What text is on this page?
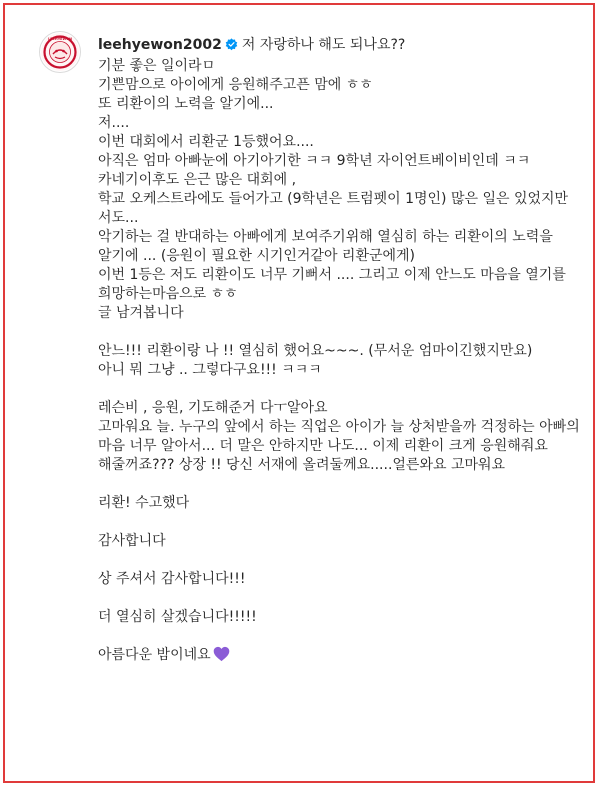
LEEHYEWON leehyewon2002 저 자랑하나 해도 되나요??
기분 좋은 일이라ㅁ
기쁜맘으로 아이에게 응원해주고픈 맘에 ㅎㅎ
또 리환이의 노력을 알기에...
저....
이번 대회에서 리환군 1등했어요....
아직은 엄마 아빠눈에 아기아기한 ㅋㅋ 9학년 자이언트베이비인데 ㅋㅋ
카네기이후도 은근 많은 대회에 ,
학교 오케스트라에도 들어가고 (9학년은 트럼펫이 1명인) 많은 일은 있었지만 서도...
악기하는 걸 반대하는 아빠에게 보여주기위해 열심히 하는 리환이의 노력을 알기에 ... (응원이 필요한 시기인거같아 리환군에게)
이번 1등은 저도 리환이도 너무 기뻐서 .... 그리고 이제 안느도 마음을 열기를 희망하는마음으로 ㅎㅎ
글 남겨봅니다
안느!!! 리환이랑 나 !! 열심히 했어요~~~. (무서운 엄마이긴했지만요)
아니 뭐 그냥 .. 그렇다구요!!! ㅋㅋㅋ
레슨비 , 응원, 기도해준거 다ㅜ알아요
고마워요 늘. 누구의 앞에서 하는 직업은 아이가 늘 상처받을까 걱정하는 아빠의 마음 너무 알아서... 더 말은 안하지만 나도... 이제 리환이 크게 응원해줘요
해줄꺼죠??? 상장 !! 당신 서재에 올려둘께요.....얼른와요 고마워요
리환! 수고했다
감사합니다
상 주셔서 감사합니다!!!
더 열심히 살겠습니다!!!!!
아름다운 밤이네요
